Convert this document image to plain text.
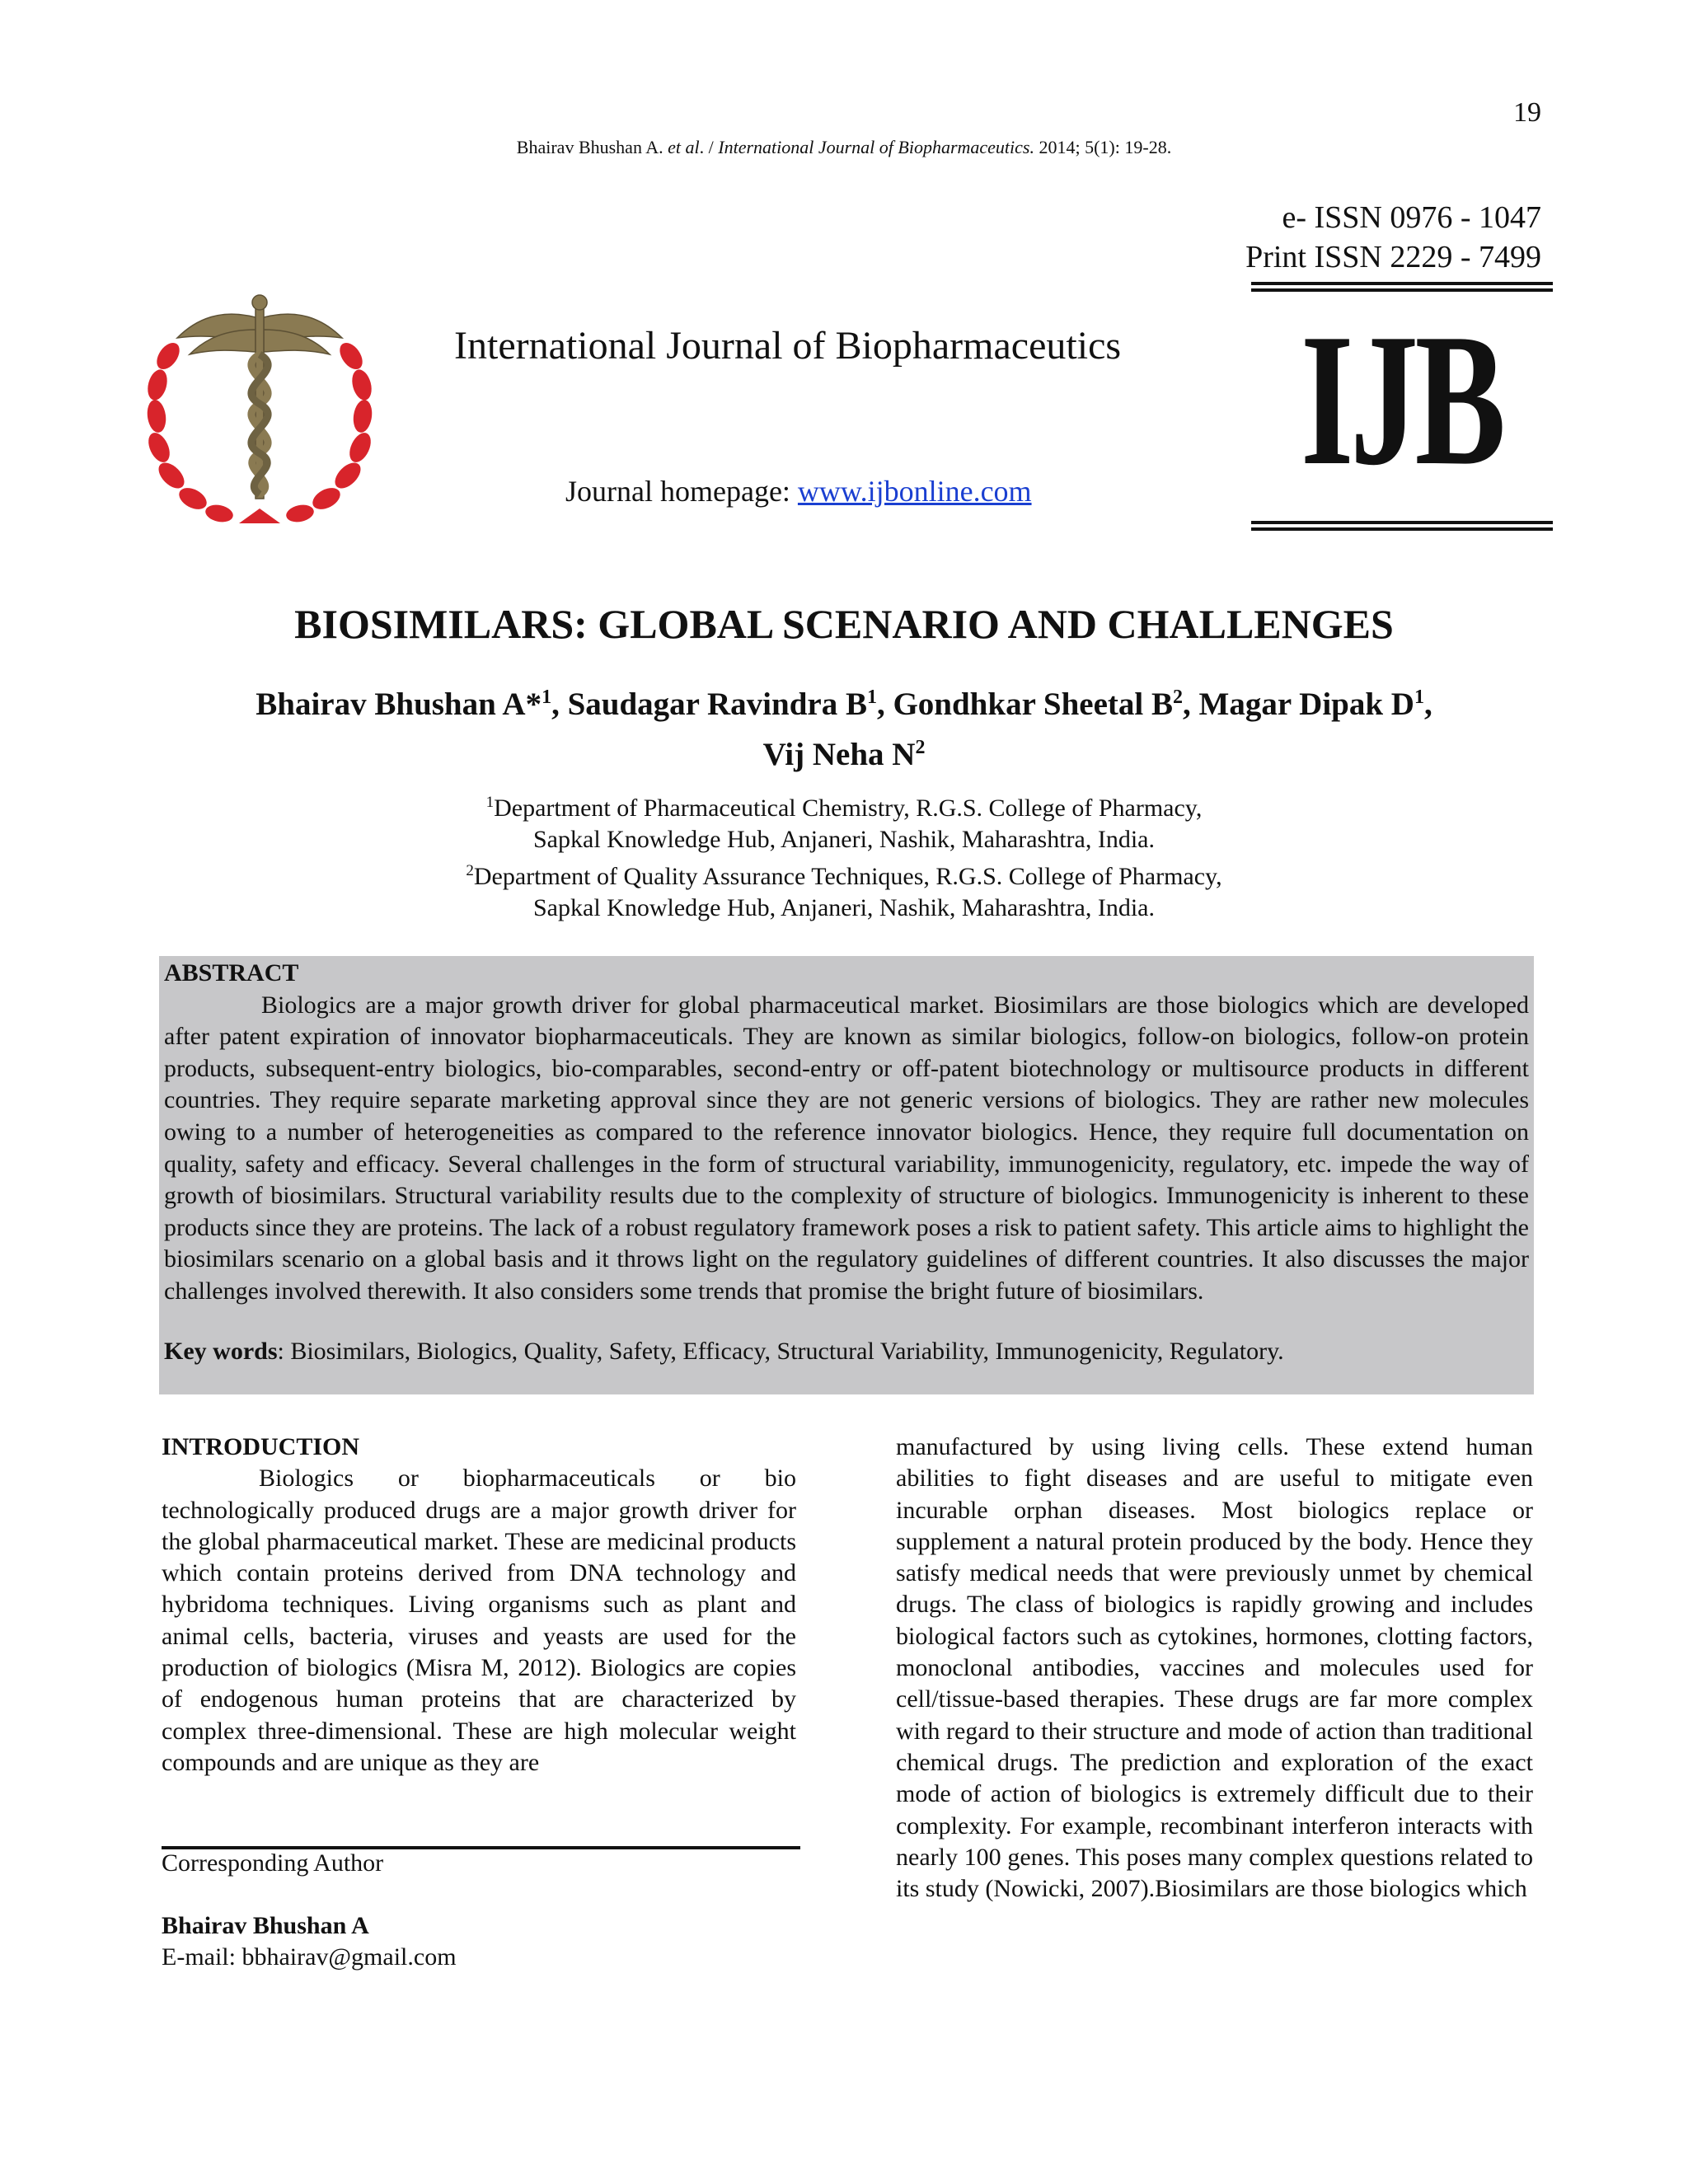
19
Bhairav Bhushan A. et al. / International Journal of Biopharmaceutics. 2014; 5(1): 19-28.
e- ISSN 0976 - 1047
Print ISSN 2229 - 7499
International Journal of Biopharmaceutics
Journal homepage: www.ijbonline.com IJB
BIOSIMILARS: GLOBAL SCENARIO AND CHALLENGES
Bhairav Bhushan A*$^1$, Saudagar Ravindra $B^1$, Gondhkar Sheetal $B^2$, Magar Dipak $D^1$,
Vij Neha $N^2$
$^1$Department of Pharmaceutical Chemistry, R.G.S. College of Pharmacy,
Sapkal Knowledge Hub, Anjaneri, Nashik, Maharashtra, India.
$^2$Department of Quality Assurance Techniques, R.G.S. College of Pharmacy,
Sapkal Knowledge Hub, Anjaneri, Nashik, Maharashtra, India.
ABSTRACT
Biologics are a major growth driver for global pharmaceutical market. Biosimilars are those biologics which are developed after patent expiration of innovator biopharmaceuticals. They are known as similar biologics, follow-on biologics, follow-on protein products, subsequent-entry biologics, bio-comparables, second-entry or off-patent biotechnology or multisource products in different countries. They require separate marketing approval since they are not generic versions of biologics. They are rather new molecules owing to a number of heterogeneities as compared to the reference innovator biologics. Hence, they require full documentation on quality, safety and efficacy. Several challenges in the form of structural variability, immunogenicity, regulatory, etc. impede the way of growth of biosimilars. Structural variability results due to the complexity of structure of biologics. Immunogenicity is inherent to these products since they are proteins. The lack of a robust regulatory framework poses a risk to patient safety. This article aims to highlight the biosimilars scenario on a global basis and it throws light on the regulatory guidelines of different countries. It also discusses the major challenges involved therewith. It also considers some trends that promise the bright future of biosimilars.
Key words: Biosimilars, Biologics, Quality, Safety, Efficacy, Structural Variability, Immunogenicity, Regulatory.
INTRODUCTION
Biologics or biopharmaceuticals or bio technologically produced drugs are a major growth driver for the global pharmaceutical market. These are medicinal products which contain proteins derived from DNA technology and hybridoma techniques. Living organisms such as plant and animal cells, bacteria, viruses and yeasts are used for the production of biologics (Misra M, 2012). Biologics are copies of endogenous human proteins that are characterized by complex three-dimensional. These are high molecular weight compounds and are unique as they are
manufactured by using living cells. These extend human abilities to fight diseases and are useful to mitigate even incurable orphan diseases. Most biologics replace or supplement a natural protein produced by the body. Hence they satisfy medical needs that were previously unmet by chemical drugs. The class of biologics is rapidly growing and includes biological factors such as cytokines, hormones, clotting factors, monoclonal antibodies, vaccines and molecules used for cell/tissue-based therapies. These drugs are far more complex with regard to their structure and mode of action than traditional chemical drugs. The prediction and exploration of the exact mode of action of biologics is extremely difficult due to their complexity. For example, recombinant interferon interacts with nearly 100 genes. This poses many complex questions related to its study (Nowicki, 2007).Biosimilars are those biologics which
Corresponding Author
Bhairav Bhushan A
E-mail: bbhairav@gmail.com
